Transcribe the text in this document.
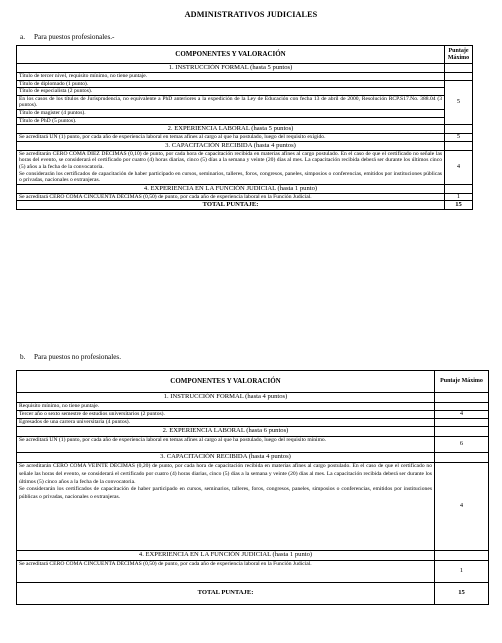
ADMINISTRATIVOS JUDICIALES
a. Para puestos profesionales.-
COMPONENTES Y VALORACIÓN	Puntaje Máximo
1. INSTRUCCIÓN FORMAL (hasta 5 puntos)	
Título de tercer nivel, requisito mínimo, no tiene puntaje.	
Título de diplomado (1 punto).	5
Título de especialista (2 puntos).	
En los casos de los títulos de Jurisprudencia, no equivalente a PhD anteriores a la expedición de la Ley de Educación con fecha 13 de abril de 2000, Resolución RCP.S17.No. 388.04 (3 puntos).	
Título de magister (4 puntos).	
Título de PhD (5 puntos).	
2. EXPERIENCIA LABORAL (hasta 5 puntos)	
Se acreditará UN (1) punto, por cada año de experiencia laboral en temas afines al cargo al que ha postulado, luego del requisito exigido.	5
3. CAPACITACIÓN RECIBIDA (hasta 4 puntos)	

Se acreditarán CERO COMA DIEZ DÉCIMAS (0,10) de punto, por cada hora de capacitación recibida en materias afines al cargo postulado. En el caso de que el certificado no señale las horas del evento, se considerará el certificado por cuatro (4) horas diarias, cinco (5) días a la semana y veinte (20) días al mes. La capacitación recibida deberá ser durante los últimos cinco (5) años a la fecha de la convocatoria.
Se considerarán los certificados de capacitación de haber participado en cursos, seminarios, talleres, foros, congresos, paneles, simposios o conferencias, emitidos por instituciones públicas o privadas, nacionales o extranjeras.	4
4. EXPERIENCIA EN LA FUNCIÓN JUDICIAL (hasta 1 punto)	
Se acreditará CERO COMA CINCUENTA DÉCIMAS (0,50) de punto, por cada año de experiencia laboral en la Función Judicial.	1
TOTAL PUNTAJE:	15
b. Para puestos no profesionales.
COMPONENTES Y VALORACIÓN	Puntaje Máximo
1. INSTRUCCIÓN FORMAL (hasta 4 puntos)	
Requisito mínimo, no tiene puntaje.	
Tercer año o sexto semestre de estudios universitarios (2 puntos).	4
Egresados de una carrera universitaria (4 puntos).	
2. EXPERIENCIA LABORAL (hasta 6 puntos)	
Se acreditará UN (1) punto, por cada año de experiencia laboral en temas afines al cargo al que ha postulado, luego del requisito mínimo.	6
3. CAPACITACIÓN RECIBIDA (hasta 4 puntos)	

Se acreditarán CERO COMA VEINTE DÉCIMAS (0,20) de punto, por cada hora de capacitación recibida en materias afines al cargo postulado. En el caso de que el certificado no señale las horas del evento, se considerará el certificado por cuatro (4) horas diarias, cinco (5) días a la semana y veinte (20) días al mes. La capacitación recibida deberá ser durante los últimos (5) cinco años a la fecha de la convocatoria.
Se considerarán los certificados de capacitación de haber participado en cursos, seminarios, talleres, foros, congresos, paneles, simposios o conferencias, emitidos por instituciones públicas o privadas, nacionales o extranjeras.	4
4. EXPERIENCIA EN LA FUNCIÓN JUDICIAL (hasta 1 punto)	
Se acreditará CERO COMA CINCUENTA DÉCIMAS (0,50) de punto, por cada año de experiencia laboral en la Función Judicial.	1
TOTAL PUNTAJE:	15
